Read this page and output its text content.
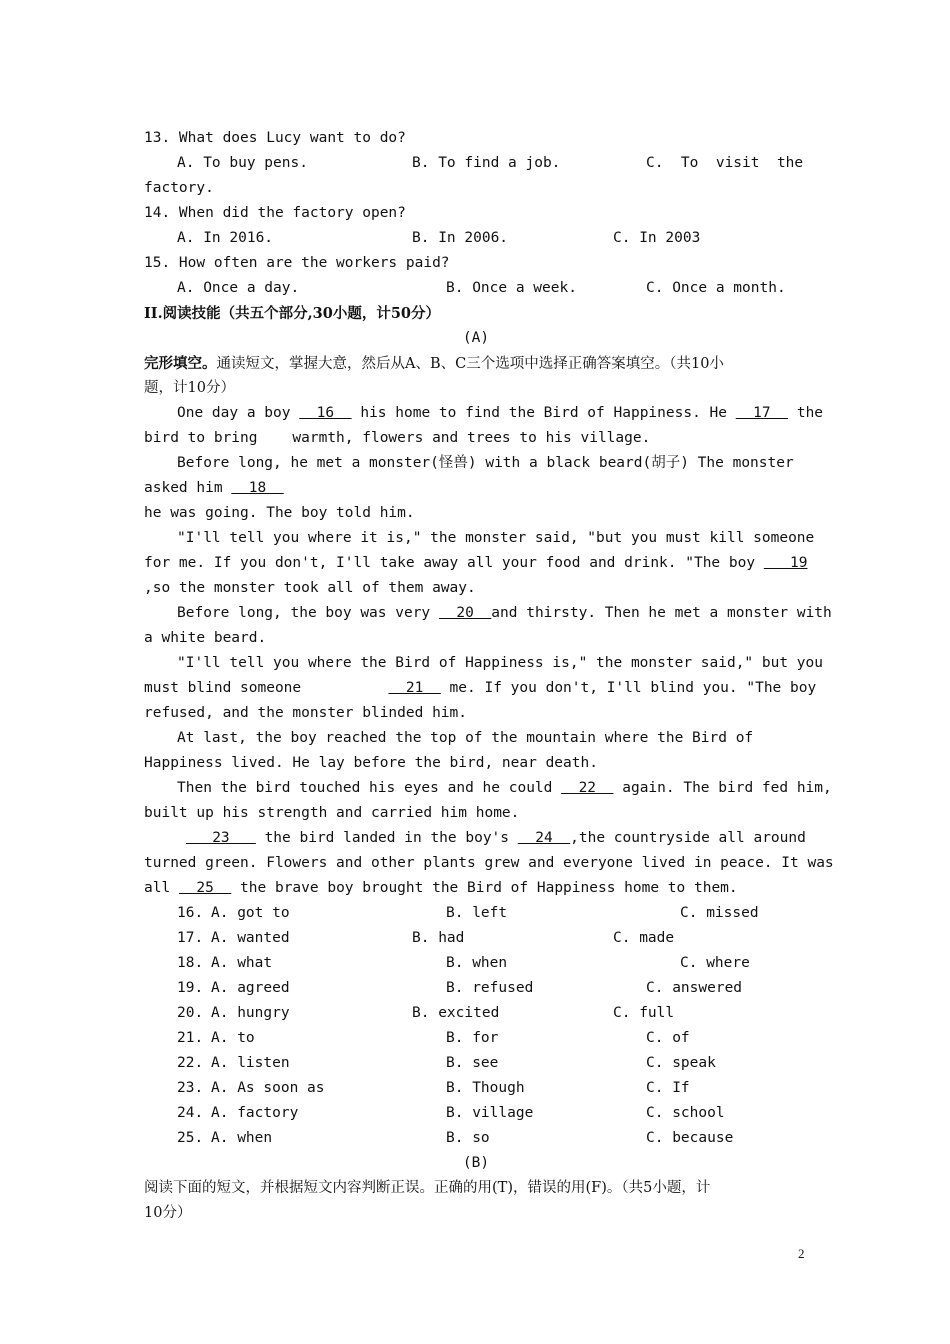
13. What does Lucy want to do?
A. To buy pens.	B. To find a job.	C.  To  visit  the
factory.
14. When did the factory open?
A. In 2016.	B. In 2006.	C. In 2003
15. How often are the workers paid?
A. Once a day.	B. Once a week.	C. Once a month.
II.阅读技能（共五个部分,30小题，计50分）
(A)
完形填空。通读短文，掌握大意，然后从A、B、C三个选项中选择正确答案填空。（共10小
题，计10分）
One day a boy   16   his home to find the Bird of Happiness. He   17   the
bird to bring    warmth, flowers and trees to his village.
Before long, he met a monster(怪兽) with a black beard(胡子) The monster
asked him   18
he was going. The boy told him.
"I'll tell you where it is," the monster said, "but you must kill someone
for me. If you don't, I'll take away all your food and drink. "The boy    19
,so the monster took all of them away.
Before long, the boy was very   20  and thirsty. Then he met a monster with
a white beard.
"I'll tell you where the Bird of Happiness is," the monster said," but you
must blind someone            21   me. If you don't, I'll blind you. "The boy
refused, and the monster blinded him.
At last, the boy reached the top of the mountain where the Bird of
Happiness lived. He lay before the bird, near death.
Then the bird touched his eyes and he could   22   again. The bird fed him,
built up his strength and carried him home.
23    the bird landed in the boy's   24  ,the countryside all around
turned green. Flowers and other plants grew and everyone lived in peace. It was
all   25   the brave boy brought the Bird of Happiness home to them.
16. A. got to	B. left	C. missed
17. A. wanted	B. had	C. made
18. A. what	B. when	C. where
19. A. agreed	B. refused	C. answered
20. A. hungry	B. excited	C. full
21. A. to	B. for	C. of
22. A. listen	B. see	C. speak
23. A. As soon as	B. Though	C. If
24. A. factory	B. village	C. school
25. A. when	B. so	C. because
(B)
阅读下面的短文，并根据短文内容判断正误。正确的用(T)，错误的用(F)。（共5小题，计
10分）
2
